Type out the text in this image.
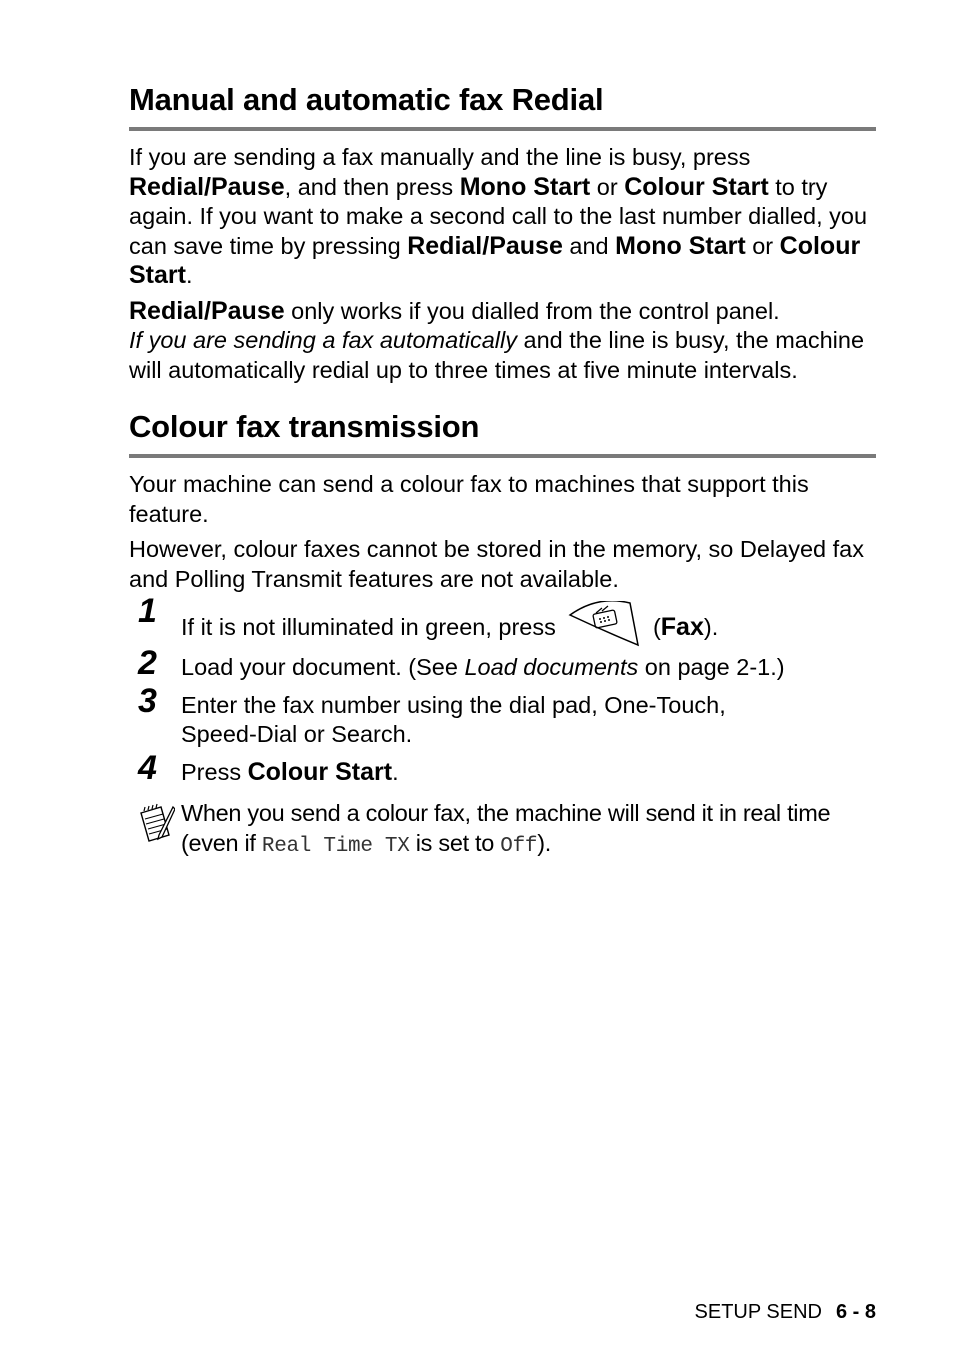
Manual and automatic fax Redial

If you are sending a fax manually and the line is busy, press Redial/Pause, and then press Mono Start or Colour Start to try again. If you want to make a second call to the last number dialled, you can save time by pressing Redial/Pause and Mono Start or Colour Start.

Redial/Pause only works if you dialled from the control panel.

If you are sending a fax automatically and the line is busy, the machine will automatically redial up to three times at five minute intervals.

Colour fax transmission

Your machine can send a colour fax to machines that support this feature.

However, colour faxes cannot be stored in the memory, so Delayed fax and Polling Transmit features are not available.

1 If it is not illuminated in green, press	(Fax).

2 Load your document. (See Load documents on page 2-1.)

3 Enter the fax number using the dial pad, One-Touch, Speed-Dial or Search.

4 Press Colour Start.

When you send a colour fax, the machine will send it in real time (even if Real Time TX is set to Off).

SETUP SEND 6 - 8
